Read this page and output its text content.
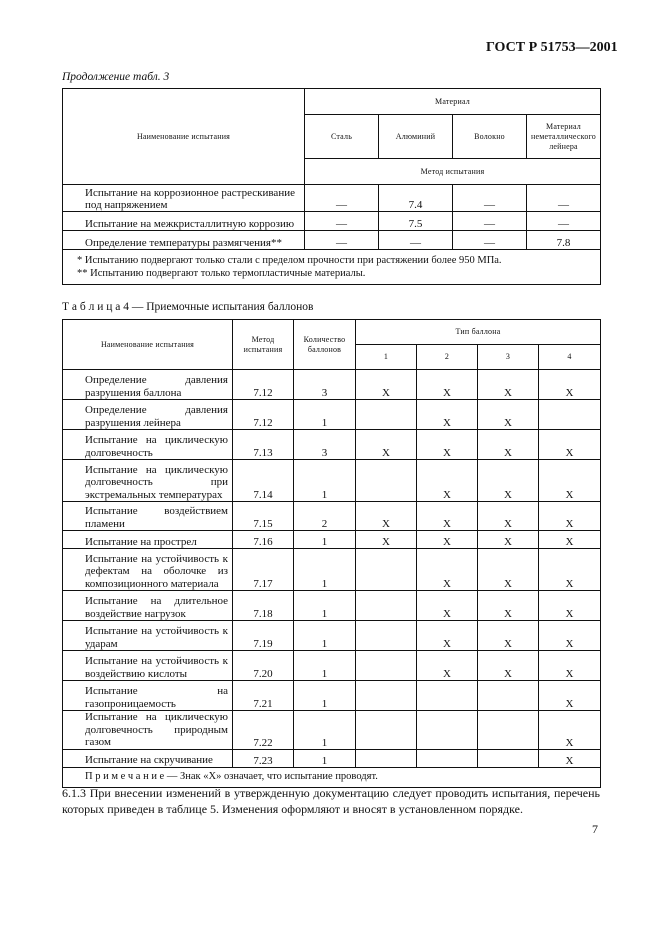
ГОСТ Р 51753—2001
Продолжение табл. 3
Наименование испытания	Материал			
	Сталь	Алюминий	Волокно	Материал неметаллического лейнера
	Метод испытания			
Испытание на коррозионное растрескивание под напряжением	—	7.4	—	—
Испытание на межкристаллитную коррозию	—	7.5	—	—
Определение температуры размягчения**	—	—	—	7.8

* Испытанию подвергают только стали с пределом прочности при растяжении более 950 МПа.
** Испытанию подвергают только термопластичные материалы.				
Т а б л и ц а 4 — Приемочные испытания баллонов
Наименование испытания	Метод испытания	Количество баллонов	Тип баллона			
			1	2	3	4
Определение давления разрушения баллона	7.12	3	X	X	X	X
Определение давления разрушения лейнера	7.12	1		X	X	
Испытание на циклическую долговечность	7.13	3	X	X	X	X
Испытание на циклическую долговечность при экстремальных температурах	7.14	1		X	X	X
Испытание воздействием пламени	7.15	2	X	X	X	X
Испытание на прострел	7.16	1	X	X	X	X
Испытание на устойчивость к дефектам на оболочке из композиционного материала	7.17	1		X	X	X
Испытание на длительное воздействие нагрузок	7.18	1		X	X	X
Испытание на устойчивость к ударам	7.19	1		X	X	X
Испытание на устойчивость к воздействию кислоты	7.20	1		X	X	X
Испытание на газопроницаемость	7.21	1				X
Испытание на циклическую долговечность природным газом	7.22	1				X
Испытание на скручивание	7.23	1				X
П р и м е ч а н и е — Знак «X» означает, что испытание проводят.						
6.1.3 При внесении изменений в утвержденную документацию следует проводить испытания, перечень которых приведен в таблице 5. Изменения оформляют и вносят в установленном порядке.
7
